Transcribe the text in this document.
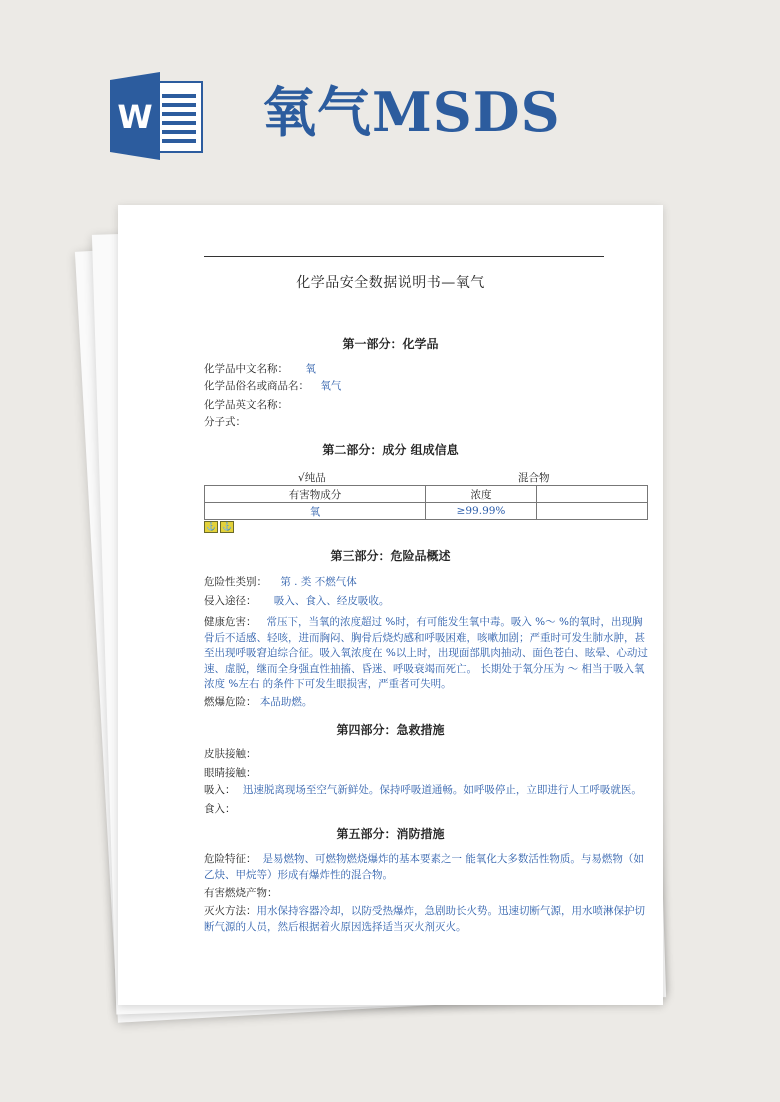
W 氧气MSDS
化学品安全数据说明书—氧气
第一部分：化学品
化学品中文名称： 氧
化学品俗名或商品名： 氧气
化学品英文名称：
分子式：
第二部分：成分 组成信息
√纯品	混合物
有害物成分	浓度	
氧	≥99.99%	
⚓ ⚓
第三部分：危险品概述
危险性类别： 第 . 类 不燃气体
侵入途径： 吸入、食入、经皮吸收。
健康危害： 常压下，当氧的浓度超过 %时，有可能发生氧中毒。吸入 %～ %的氧时，出现胸骨后不适感、轻咳，进而胸闷、胸骨后烧灼感和呼吸困难，咳嗽加剧；严重时可发生肺水肿，甚至出现呼吸窘迫综合征。吸入氧浓度在 %以上时，出现面部肌肉抽动、面色苍白、眩晕、心动过速、虚脱，继而全身强直性抽搐、昏迷、呼吸衰竭而死亡。 长期处于氧分压为 ～ 相当于吸入氧浓度 %左右 的条件下可发生眼损害，严重者可失明。
燃爆危险： 本品助燃。
第四部分：急救措施
皮肤接触：
眼睛接触：
吸入： 迅速脱离现场至空气新鲜处。保持呼吸道通畅。如呼吸停止，立即进行人工呼吸就医。
食入：
第五部分：消防措施
危险特征： 是易燃物、可燃物燃烧爆炸的基本要素之一 能氧化大多数活性物质。与易燃物（如乙炔、甲烷等）形成有爆炸性的混合物。
有害燃烧产物：
灭火方法：用水保持容器冷却，以防受热爆炸，急剧助长火势。迅速切断气源，用水喷淋保护切断气源的人员，然后根据着火原因选择适当灭火剂灭火。
